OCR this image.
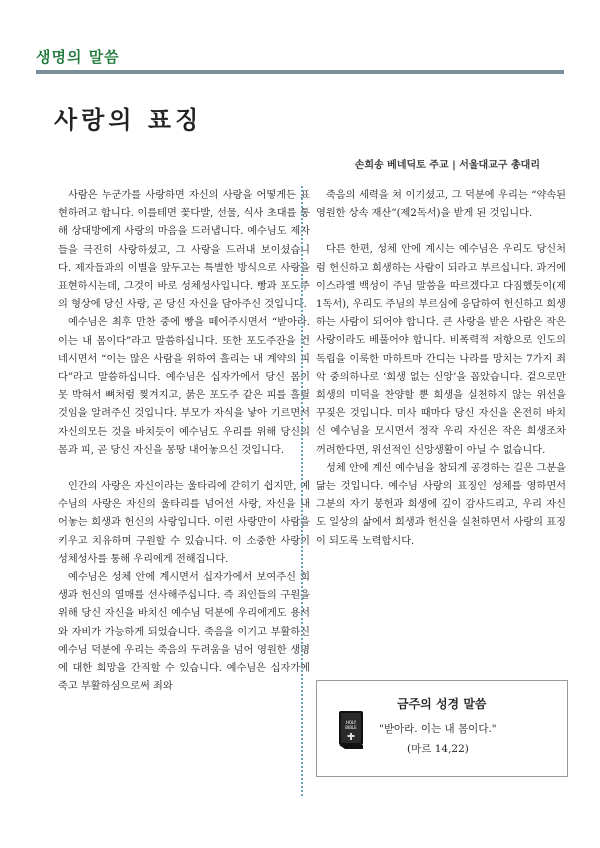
생명의 말씀
사랑의 표징
손희송 베네딕토 주교 | 서울대교구 총대리

사람은 누군가를 사랑하면 자신의 사랑을 어떻게든 표현하려고 합니다. 이를테면 꽃다발, 선물, 식사 초대를 통해 상대방에게 사랑의 마음을 드러냅니다. 예수님도 제자들을 극진히 사랑하셨고, 그 사랑을 드러내 보이셨습니다. 제자들과의 이별을 앞두고는 특별한 방식으로 사랑을 표현하시는데, 그것이 바로 성체성사입니다. 빵과 포도주의 형상에 당신 사랑, 곧 당신 자신을 담아주신 것입니다.

예수님은 최후 만찬 중에 빵을 떼어주시면서 “받아라. 이는 내 몸이다”라고 말씀하십니다. 또한 포도주잔을 건네시면서 “이는 많은 사람을 위하여 흘리는 내 계약의 피다”라고 말씀하십니다. 예수님은 십자가에서 당신 몸이 못 박혀서 뼈처럼 찢겨지고, 붉은 포도주 같은 피를 흘릴 것임을 알려주신 것입니다. 부모가 자식을 낳아 기르면서 자신의모든 것을 바치듯이 예수님도 우리를 위해 당신의 몸과 피, 곧 당신 자신을 몽땅 내어놓으신 것입니다.

인간의 사랑은 자신이라는 울타리에 갇히기 쉽지만, 예수님의 사랑은 자신의 울타리를 넘어선 사랑, 자신을 내어놓는 희생과 헌신의 사랑입니다. 이런 사랑만이 사람을 키우고 치유하며 구원할 수 있습니다. 이 소중한 사랑이 성체성사를 통해 우리에게 전해집니다.

예수님은 성체 안에 계시면서 십자가에서 보여주신 희생과 헌신의 열매를 선사해주십니다. 즉 죄인들의 구원을 위해 당신 자신을 바치신 예수님 덕분에 우리에게도 용서와 자비가 가능하게 되었습니다. 죽음을 이기고 부활하신예수님 덕분에 우리는 죽음의 두려움을 넘어 영원한 생명에 대한 희망을 간직할 수 있습니다. 예수님은 십자가에 죽고 부활하심으로써 죄와

죽음의 세력을 쳐 이기셨고, 그 덕분에 우리는 “약속된 영원한 상속 재산”(제2독서)을 받게 된 것입니다.

다른 한편, 성체 안에 계시는 예수님은 우리도 당신처럼 헌신하고 희생하는 사람이 되라고 부르십니다. 과거에이스라엘 백성이 주님 말씀을 따르겠다고 다짐했듯이(제1독서), 우리도 주님의 부르심에 응답하여 헌신하고 희생하는 사람이 되어야 합니다. 큰 사랑을 받은 사람은 작은 사랑이라도 베풀어야 합니다. 비폭력적 저항으로 인도의 독립을 이룩한 마하트마 간디는 나라를 망치는 7가지 죄악 중의하나로 ‘희생 없는 신앙’을 꼽았습니다. 겉으로만 희생의 미덕을 찬양할 뿐 희생을 실천하지 않는 위선을 꾸짖은 것입니다. 미사 때마다 당신 자신을 온전히 바치신 예수님을 모시면서 정작 우리 자신은 작은 희생조차 꺼려한다면, 위선적인 신앙생활이 아닐 수 없습니다.

성체 안에 계신 예수님을 참되게 공경하는 길은 그분을 닮는 것입니다. 예수님 사랑의 표징인 성체를 영하면서 그분의 자기 봉헌과 희생에 깊이 감사드리고, 우리 자신도 일상의 삶에서 희생과 헌신을 실천하면서 사랑의 표징이 되도록 노력합시다.

HOLY
BIBLE
금주의 성경 말씀
"받아라. 이는 내 몸이다."
(마르 14,22)
